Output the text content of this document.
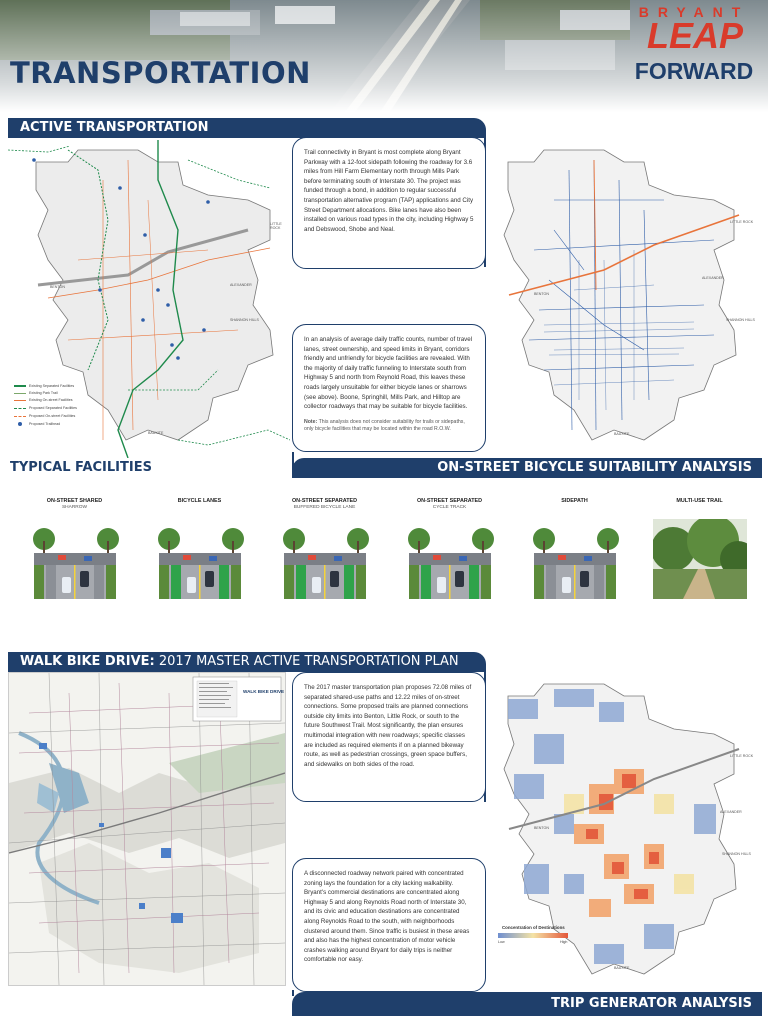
TRANSPORTATION
BRYANT
LEAP
FORWARD
ACTIVE TRANSPORTATION
LITTLE ROCK
ALEXANDER
SHANNON HILLS
BAUXITE
BENTON
Existing Separated Facilities
Existing Park Trail
Existing On-street Facilities
Proposed Separated Facilities
Proposed On-street Facilities
Proposed Trailhead
Trail connectivity in Bryant is most complete along Bryant Parkway with a 12-foot sidepath following the roadway for 3.6 miles from Hill Farm Elementary north through Mills Park before terminating south of Interstate 30. The project was funded through a bond, in addition to regular successful transportation alternative program (TAP) applications and City Street Department allocations. Bike lanes have also been installed on various road types in the city, including Highway 5 and Debswood, Shobe and Neal.
LITTLE ROCK
ALEXANDER
SHANNON HILLS
BAUXITE
BENTON
In an analysis of average daily traffic counts, number of travel lanes, street ownership, and speed limits in Bryant, corridors friendly and unfriendly for bicycle facilities are revealed. With the majority of daily traffic funneling to Interstate south from Highway 5 and north from Reynold Road, this leaves these roads largely unsuitable for either bicycle lanes or sharrows (see above). Boone, Springhill, Mills Park, and Hilltop are collector roadways that may be suitable for bicycle facilities.
Note: This analysis does not consider suitability for trails or sidepaths, only bicycle facilities that may be located within the road R.O.W.
TYPICAL FACILITIES	ON-STREET BICYCLE SUITABILITY ANALYSIS
ON-STREET SHARED
SHARROW
BICYCLE LANES	ON-STREET SEPARATED
BUFFERED BICYCLE LANE
ON-STREET SEPARATED
CYCLE TRACK
SIDEPATH	MULTI-USE TRAIL
WALK BIKE DRIVE: 2017 MASTER ACTIVE TRANSPORTATION PLAN
WALK BIKE DRIVE
The 2017 master transportation plan proposes 72.08 miles of separated shared-use paths and 12.22 miles of on-street connections. Some proposed trails are planned connections outside city limits into Benton, Little Rock, or south to the future Southwest Trail. Most significantly, the plan ensures multimodal integration with new roadways; specific classes are included as required elements if on a planned bikeway route, as well as pedestrian crossings, green space buffers, and sidewalks on both sides of the road.
LITTLE ROCK
ALEXANDER
SHANNON HILLS
BAUXITE
BENTON
Concentration of Destinations
Low	High
A disconnected roadway network paired with concentrated zoning lays the foundation for a city lacking walkability. Bryant's commercial destinations are concentrated along Highway 5 and along Reynolds Road north of Interstate 30, and its civic and education destinations are concentrated along Reynolds Road to the south, with neighborhoods clustered around them. Since traffic is busiest in these areas and also has the highest concentration of motor vehicle crashes walking around Bryant for daily trips is neither comfortable nor easy.
TRIP GENERATOR ANALYSIS
